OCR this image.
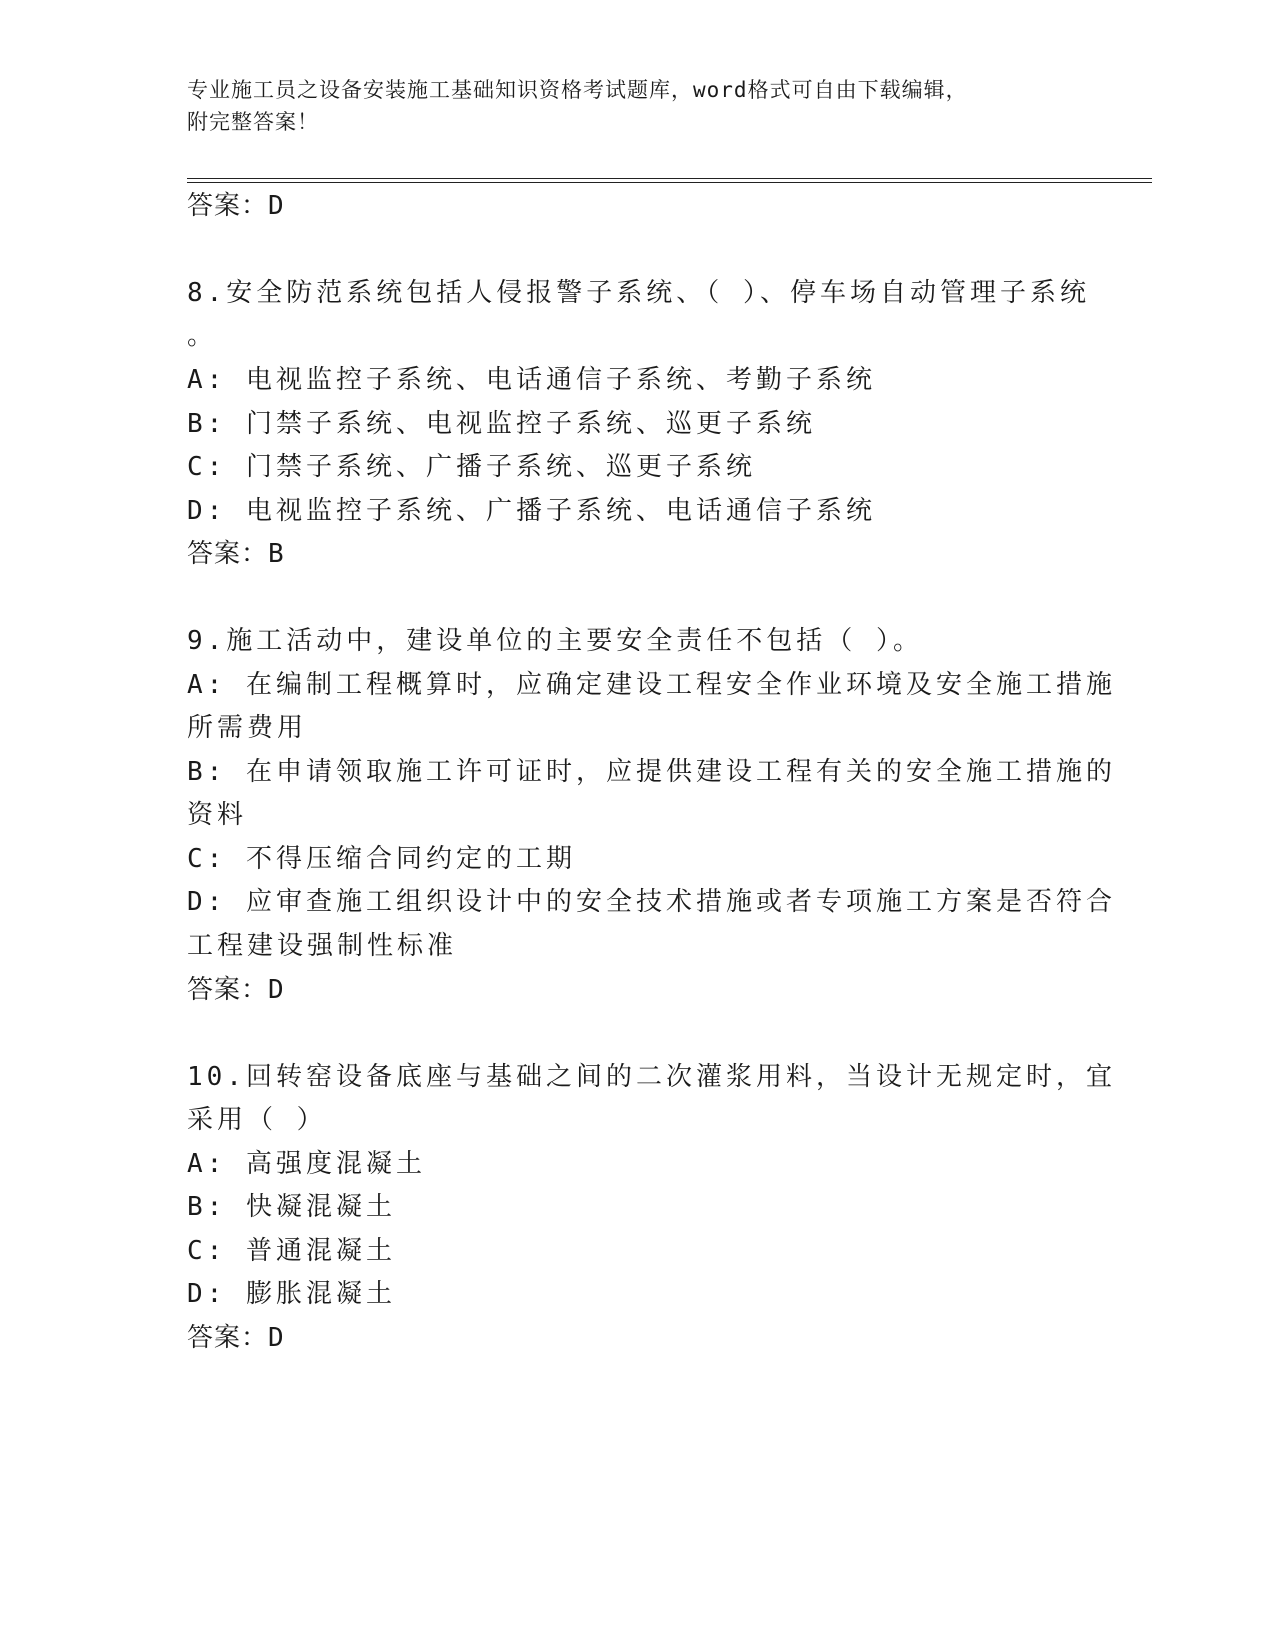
专业施工员之设备安装施工基础知识资格考试题库，word格式可自由下载编辑，
附完整答案！
答案：D
8.安全防范系统包括人侵报警子系统、（ ）、停车场自动管理子系统
。
A: 电视监控子系统、电话通信子系统、考勤子系统
B: 门禁子系统、电视监控子系统、巡更子系统
C: 门禁子系统、广播子系统、巡更子系统
D: 电视监控子系统、广播子系统、电话通信子系统
答案：B
9.施工活动中，建设单位的主要安全责任不包括（ ）。
A: 在编制工程概算时，应确定建设工程安全作业环境及安全施工措施
所需费用
B: 在申请领取施工许可证时，应提供建设工程有关的安全施工措施的
资料
C: 不得压缩合同约定的工期
D: 应审查施工组织设计中的安全技术措施或者专项施工方案是否符合
工程建设强制性标准
答案：D
10.回转窑设备底座与基础之间的二次灌浆用料，当设计无规定时，宜
采用（ ）
A: 高强度混凝土
B: 快凝混凝土
C: 普通混凝土
D: 膨胀混凝土
答案：D
